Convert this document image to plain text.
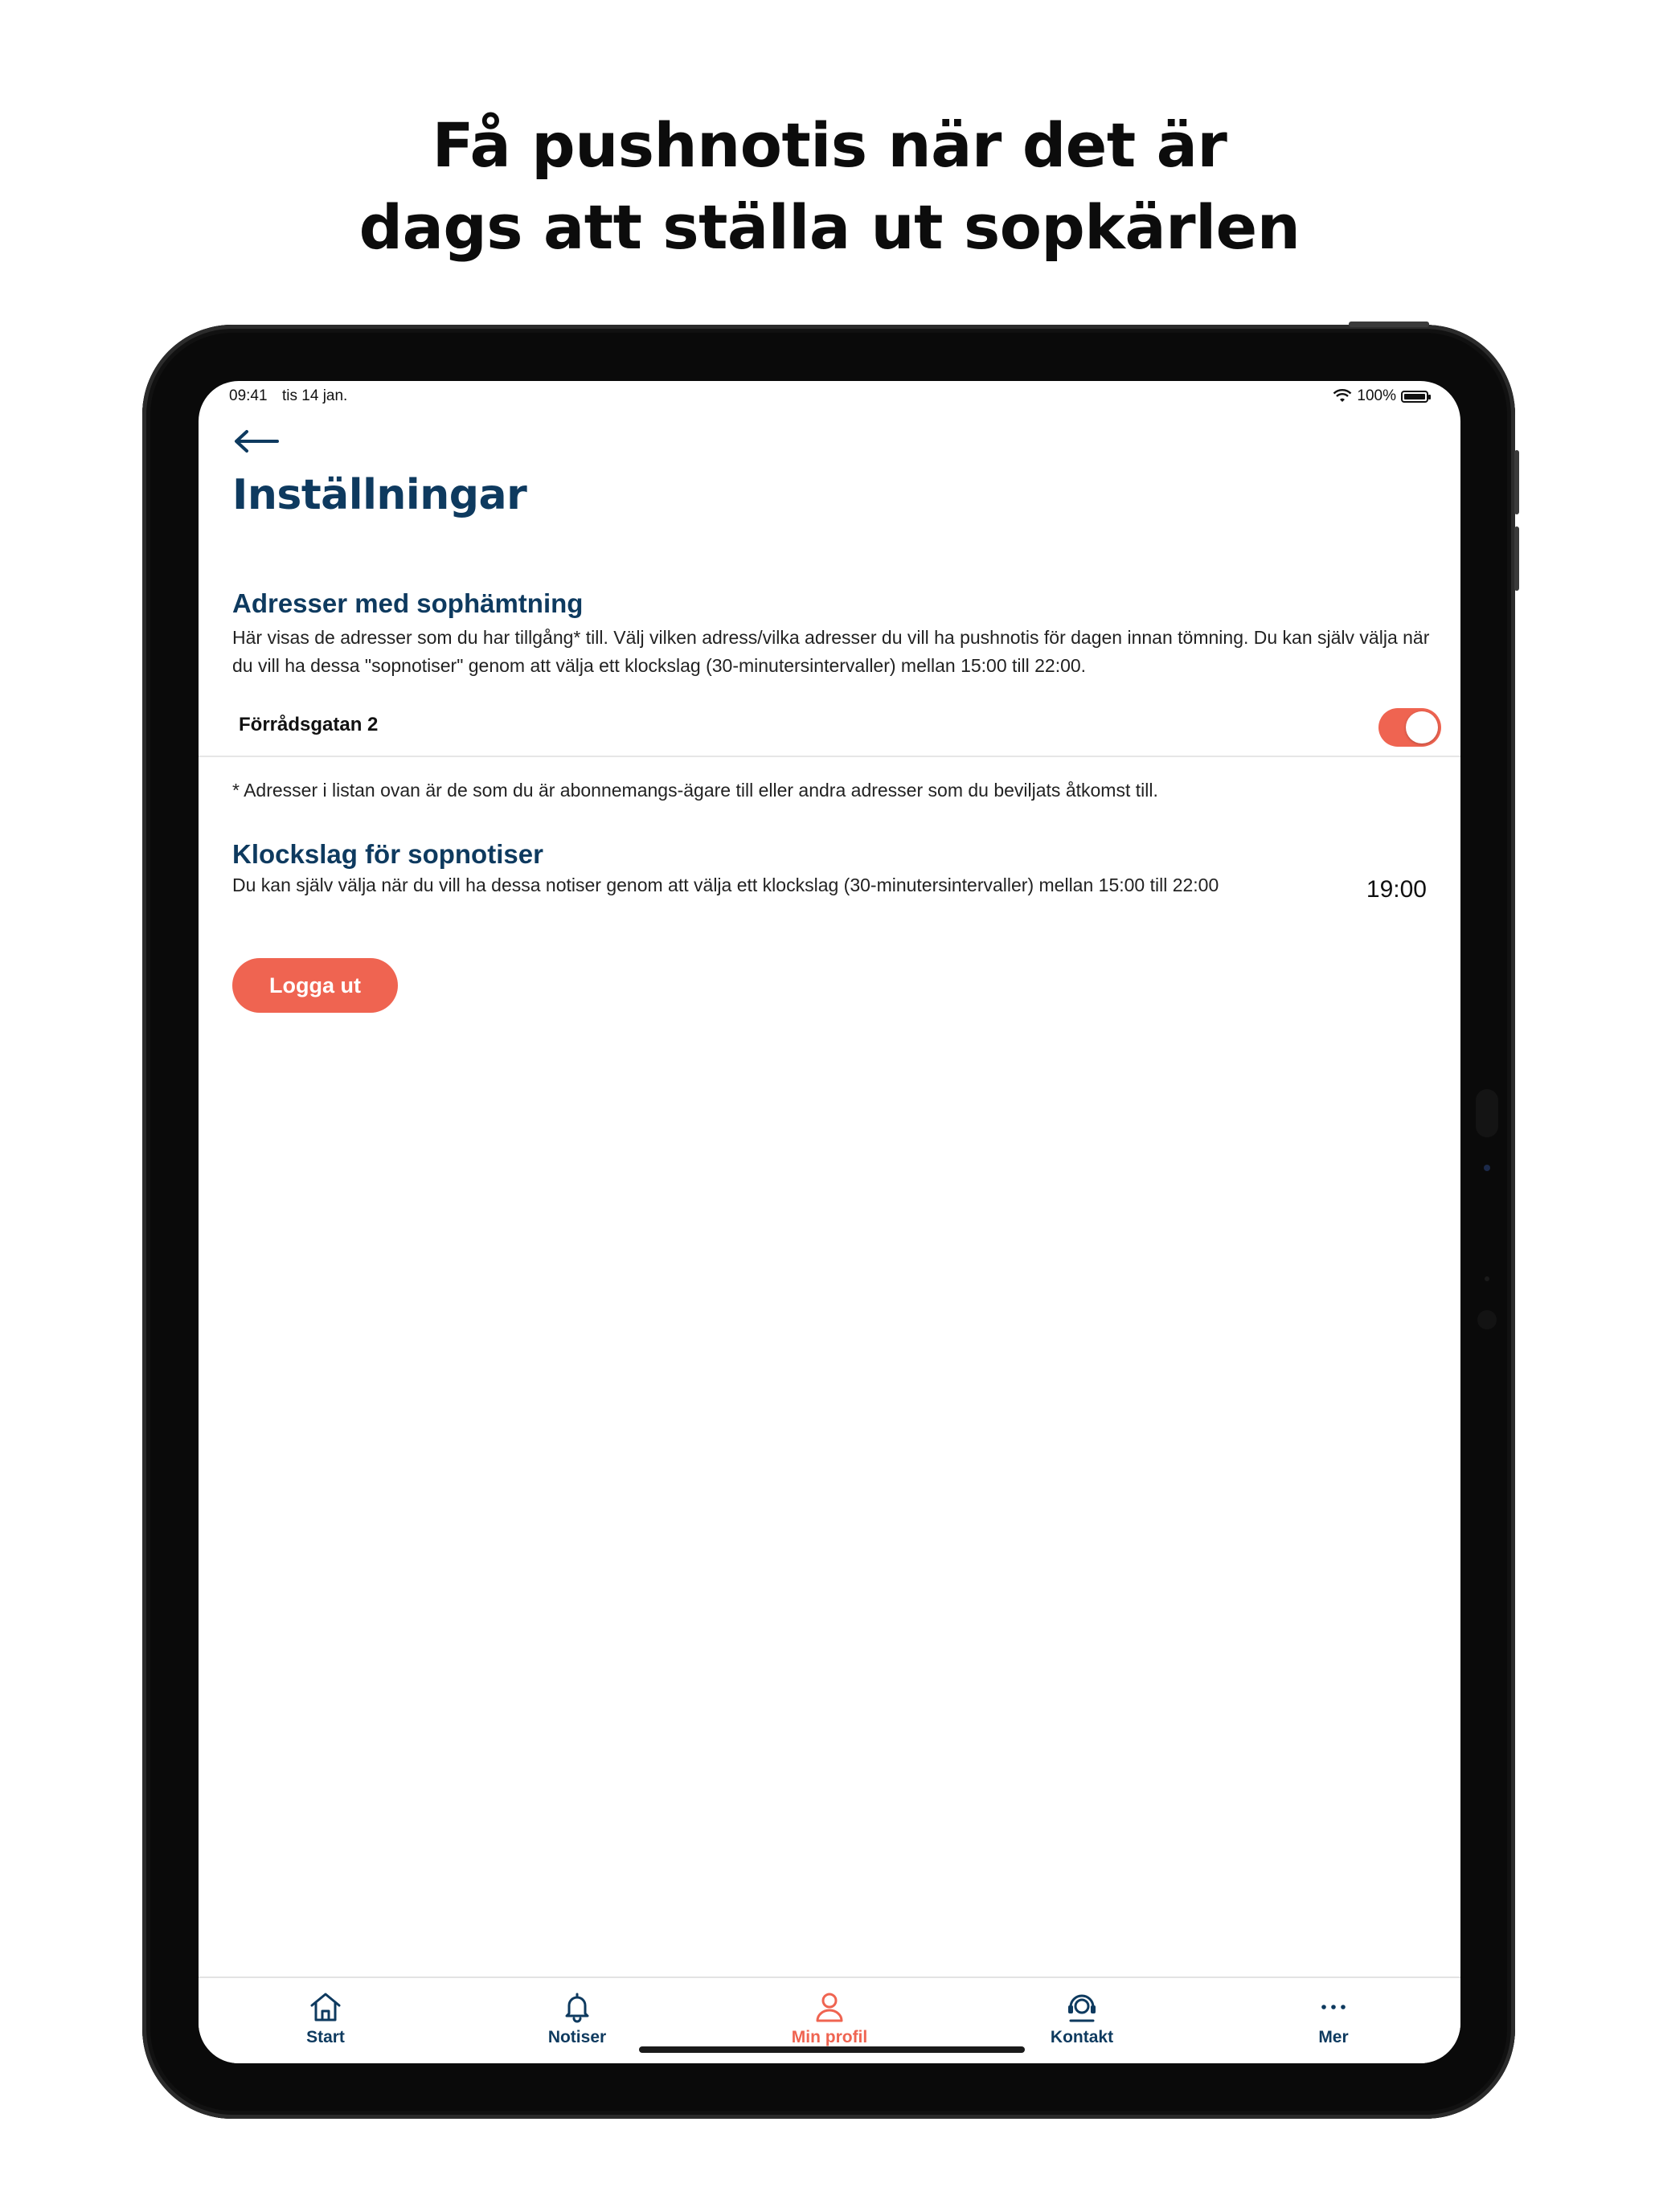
Få pushnotis när det är
dags att ställa ut sopkärlen
09:41 tis 14 jan.	100%
Inställningar
Adresser med sophämtning
Här visas de adresser som du har tillgång* till. Välj vilken adress/vilka adresser du vill ha pushnotis för dagen innan tömning. Du kan själv välja när du vill ha dessa "sopnotiser" genom att välja ett klockslag (30-minutersintervaller) mellan 15:00 till 22:00.
Förrådsgatan 2
* Adresser i listan ovan är de som du är abonnemangs-ägare till eller andra adresser som du beviljats åtkomst till.
Klockslag för sopnotiser
Du kan själv välja när du vill ha dessa notiser genom att välja ett klockslag (30-minutersintervaller) mellan 15:00 till 22:00	19:00
Logga ut
Start	Notiser	Min profil	Kontakt	Mer
